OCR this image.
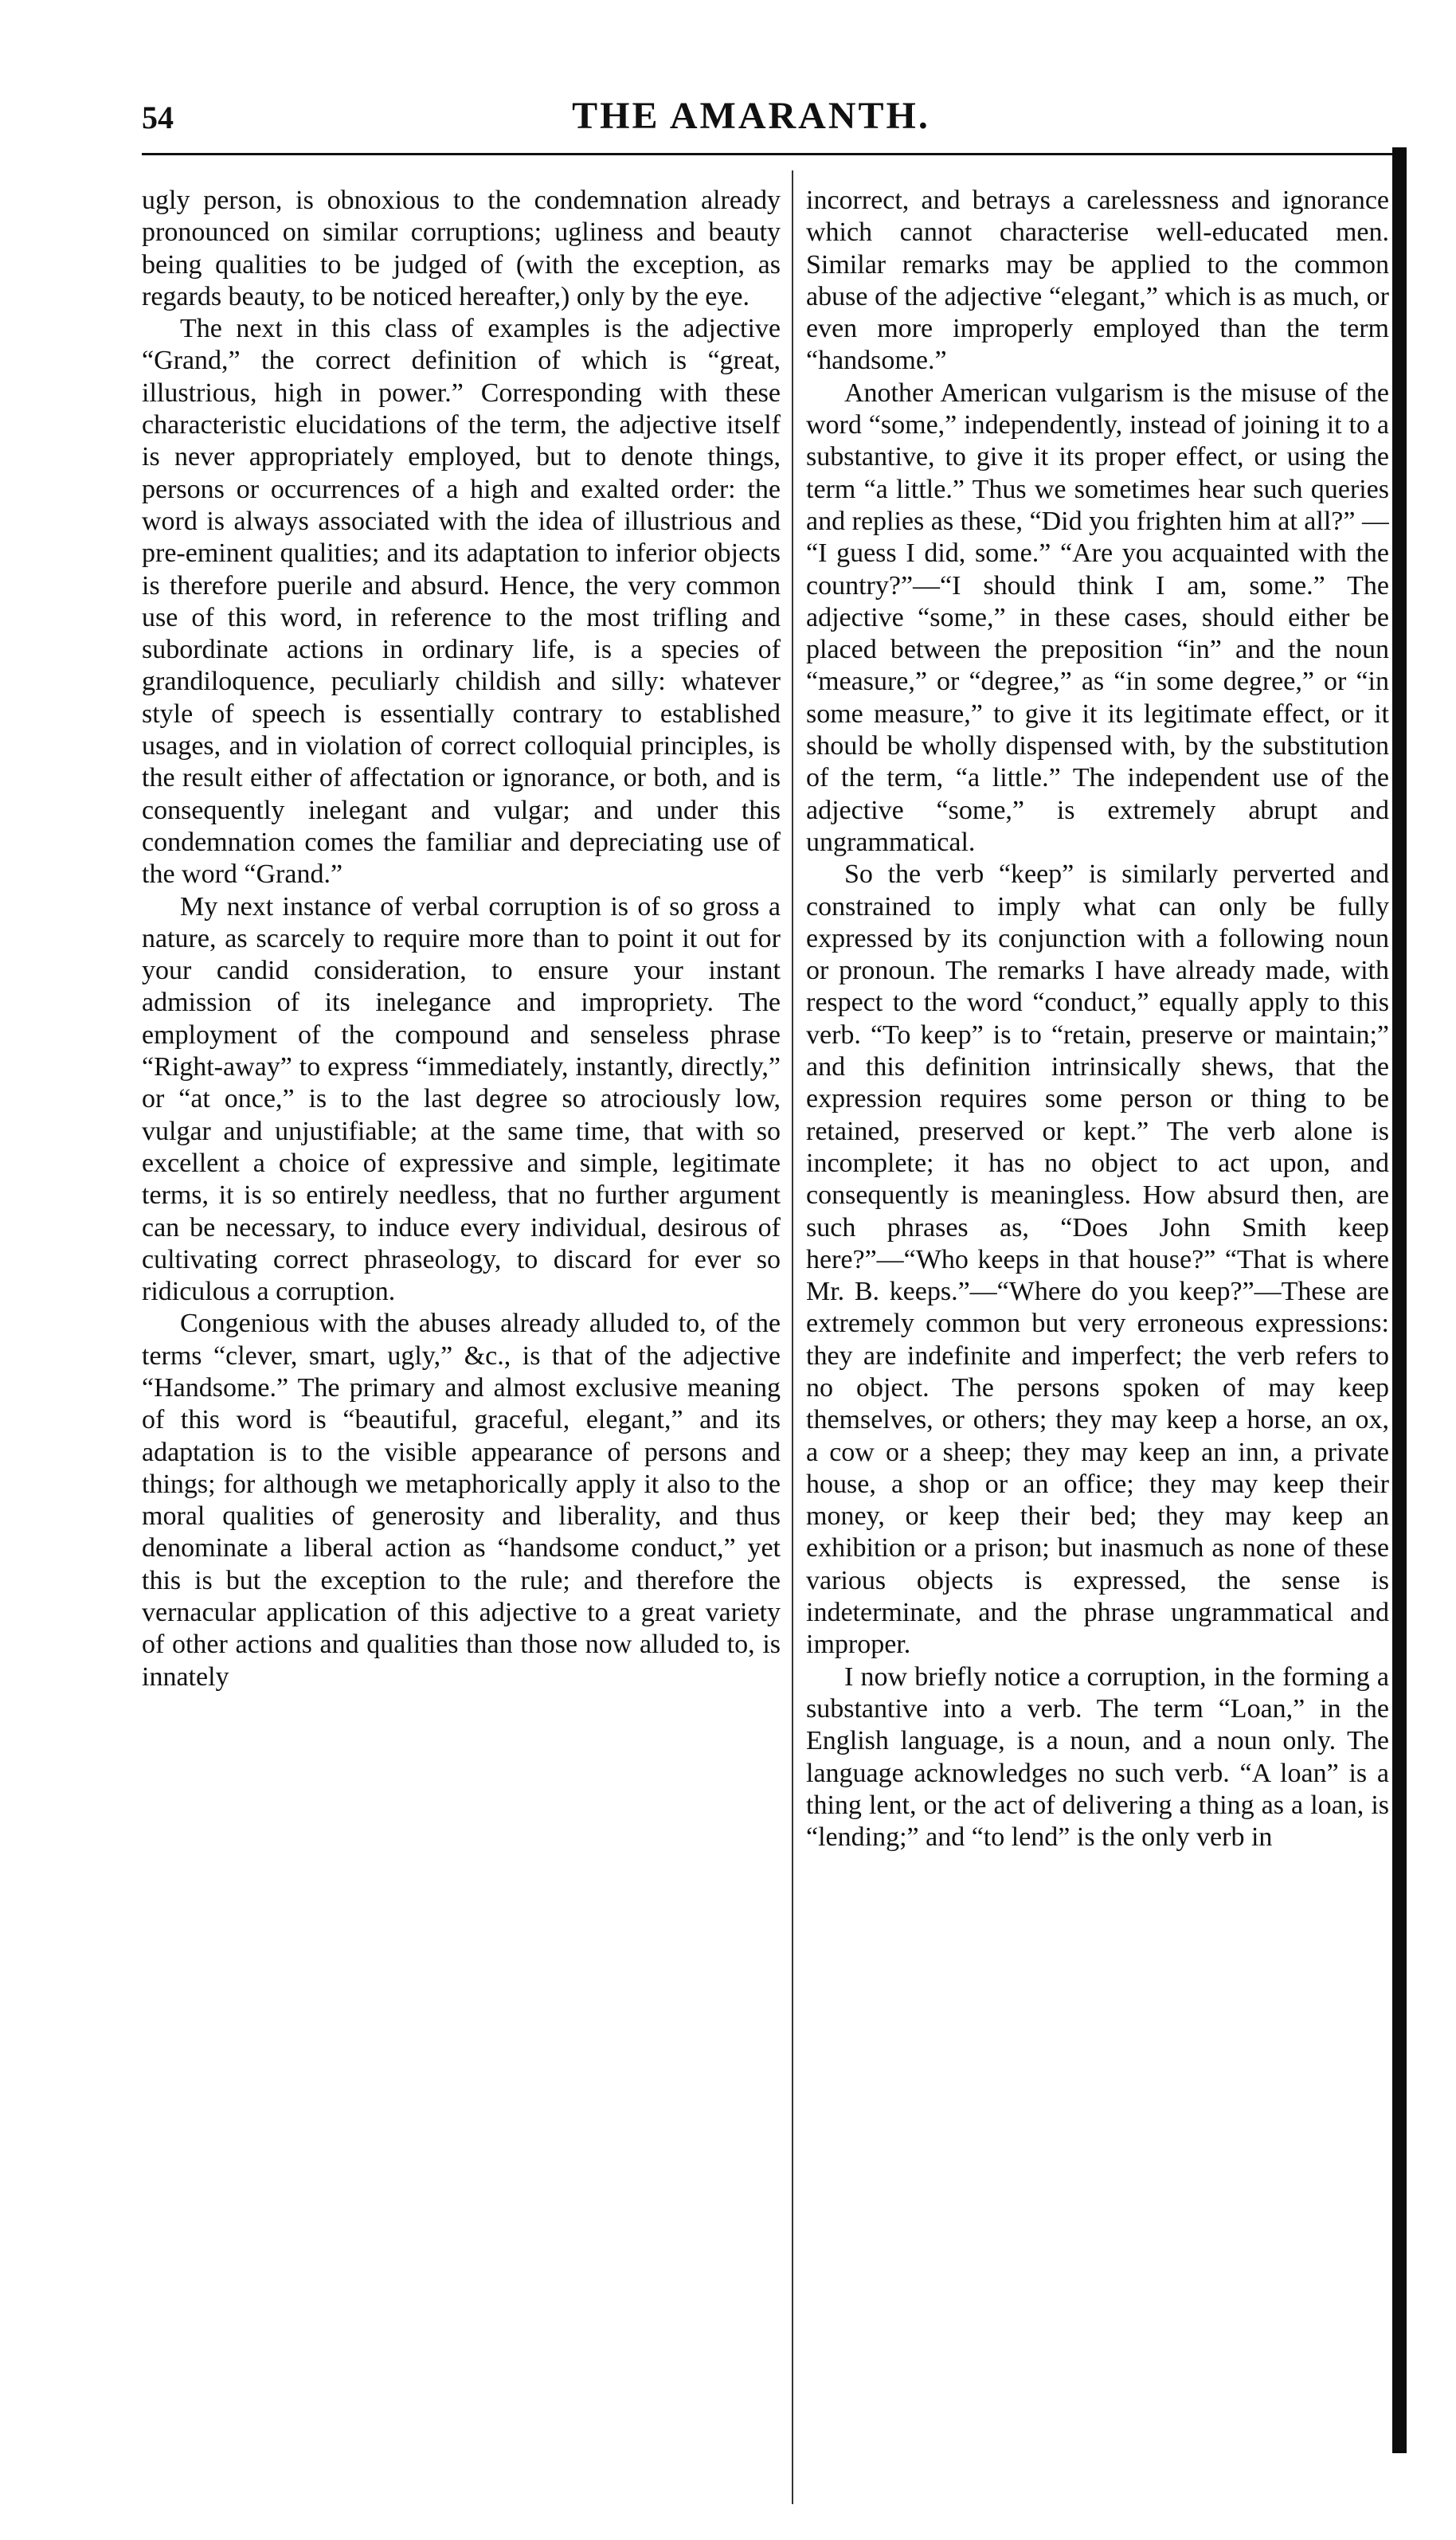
54	THE AMARANTH.

ugly person, is obnoxious to the condemnation already pronounced on similar corruptions; ugliness and beauty being qualities to be judged of (with the exception, as regards beauty, to be noticed hereafter,) only by the eye.

The next in this class of examples is the adjective “Grand,” the correct definition of which is “great, illustrious, high in power.” Corresponding with these characteristic elucidations of the term, the adjective itself is never appropriately employed, but to denote things, persons or occurrences of a high and exalted order: the word is always associated with the idea of illustrious and pre-eminent qualities; and its adaptation to inferior objects is therefore puerile and absurd. Hence, the very common use of this word, in reference to the most trifling and subordinate actions in ordinary life, is a species of grandiloquence, peculiarly childish and silly: whatever style of speech is essentially contrary to established usages, and in violation of correct colloquial principles, is the result either of affectation or ignorance, or both, and is consequently inelegant and vulgar; and under this condemnation comes the familiar and depreciating use of the word “Grand.”

My next instance of verbal corruption is of so gross a nature, as scarcely to require more than to point it out for your candid consideration, to ensure your instant admission of its inelegance and impropriety. The employment of the compound and senseless phrase “Right-away” to express “immediately, instantly, directly,” or “at once,” is to the last degree so atrociously low, vulgar and unjustifiable; at the same time, that with so excellent a choice of expressive and simple, legitimate terms, it is so entirely needless, that no further argument can be necessary, to induce every individual, desirous of cultivating correct phraseology, to discard for ever so ridiculous a corruption.

Congenious with the abuses already alluded to, of the terms “clever, smart, ugly,” &c., is that of the adjective “Handsome.” The primary and almost exclusive meaning of this word is “beautiful, graceful, elegant,” and its adaptation is to the visible appearance of persons and things; for although we metaphorically apply it also to the moral qualities of generosity and liberality, and thus denominate a liberal action as “handsome conduct,” yet this is but the exception to the rule; and therefore the vernacular application of this adjective to a great variety of other actions and qualities than those now alluded to, is innately

incorrect, and betrays a carelessness and ignorance which cannot characterise well-educated men. Similar remarks may be applied to the common abuse of the adjective “elegant,” which is as much, or even more improperly employed than the term “handsome.”

Another American vulgarism is the misuse of the word “some,” independently, instead of joining it to a substantive, to give it its proper effect, or using the term “a little.” Thus we sometimes hear such queries and replies as these, “Did you frighten him at all?” — “I guess I did, some.” “Are you acquainted with the country?”—“I should think I am, some.” The adjective “some,” in these cases, should either be placed between the preposition “in” and the noun “measure,” or “degree,” as “in some degree,” or “in some measure,” to give it its legitimate effect, or it should be wholly dispensed with, by the substitution of the term, “a little.” The independent use of the adjective “some,” is extremely abrupt and ungrammatical.

So the verb “keep” is similarly perverted and constrained to imply what can only be fully expressed by its conjunction with a following noun or pronoun. The remarks I have already made, with respect to the word “conduct,” equally apply to this verb. “To keep” is to “retain, preserve or maintain;” and this definition intrinsically shews, that the expression requires some person or thing to be retained, preserved or kept.” The verb alone is incomplete; it has no object to act upon, and consequently is meaningless. How absurd then, are such phrases as, “Does John Smith keep here?”—“Who keeps in that house?” “That is where Mr. B. keeps.”—“Where do you keep?”—These are extremely common but very erroneous expressions: they are indefinite and imperfect; the verb refers to no object. The persons spoken of may keep themselves, or others; they may keep a horse, an ox, a cow or a sheep; they may keep an inn, a private house, a shop or an office; they may keep their money, or keep their bed; they may keep an exhibition or a prison; but inasmuch as none of these various objects is expressed, the sense is indeterminate, and the phrase ungrammatical and improper.

I now briefly notice a corruption, in the forming a substantive into a verb. The term “Loan,” in the English language, is a noun, and a noun only. The language acknowledges no such verb. “A loan” is a thing lent, or the act of delivering a thing as a loan, is “lending;” and “to lend” is the only verb in
